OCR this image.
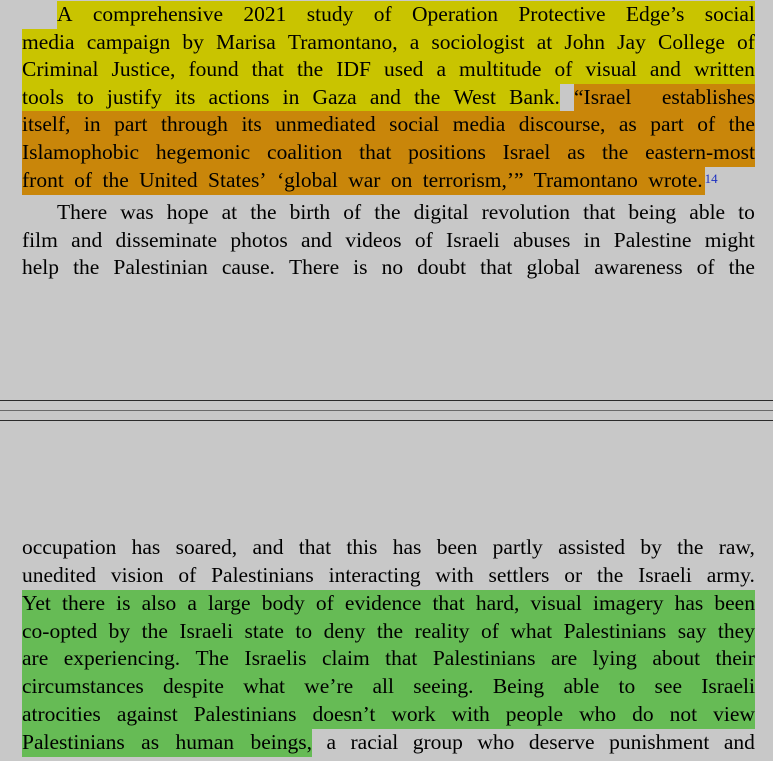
A comprehensive 2021 study of Operation Protective Edge’s social
media campaign by Marisa Tramontano, a sociologist at John Jay College of
Criminal Justice, found that the IDF used a multitude of visual and written
tools to justify its actions in Gaza and the West Bank. “Israel establishes
itself, in part through its unmediated social media discourse, as part of the
Islamophobic hegemonic coalition that positions Israel as the eastern-most
front of the United States’ ‘global war on terrorism,’” Tramontano wrote. 14
There was hope at the birth of the digital revolution that being able to
film and disseminate photos and videos of Israeli abuses in Palestine might
help the Palestinian cause. There is no doubt that global awareness of the
occupation has soared, and that this has been partly assisted by the raw,
unedited vision of Palestinians interacting with settlers or the Israeli army.
Yet there is also a large body of evidence that hard, visual imagery has been
co-opted by the Israeli state to deny the reality of what Palestinians say they
are experiencing. The Israelis claim that Palestinians are lying about their
circumstances despite what we’re all seeing. Being able to see Israeli
atrocities against Palestinians doesn’t work with people who do not view
Palestinians as human beings, a racial group who deserve punishment and
